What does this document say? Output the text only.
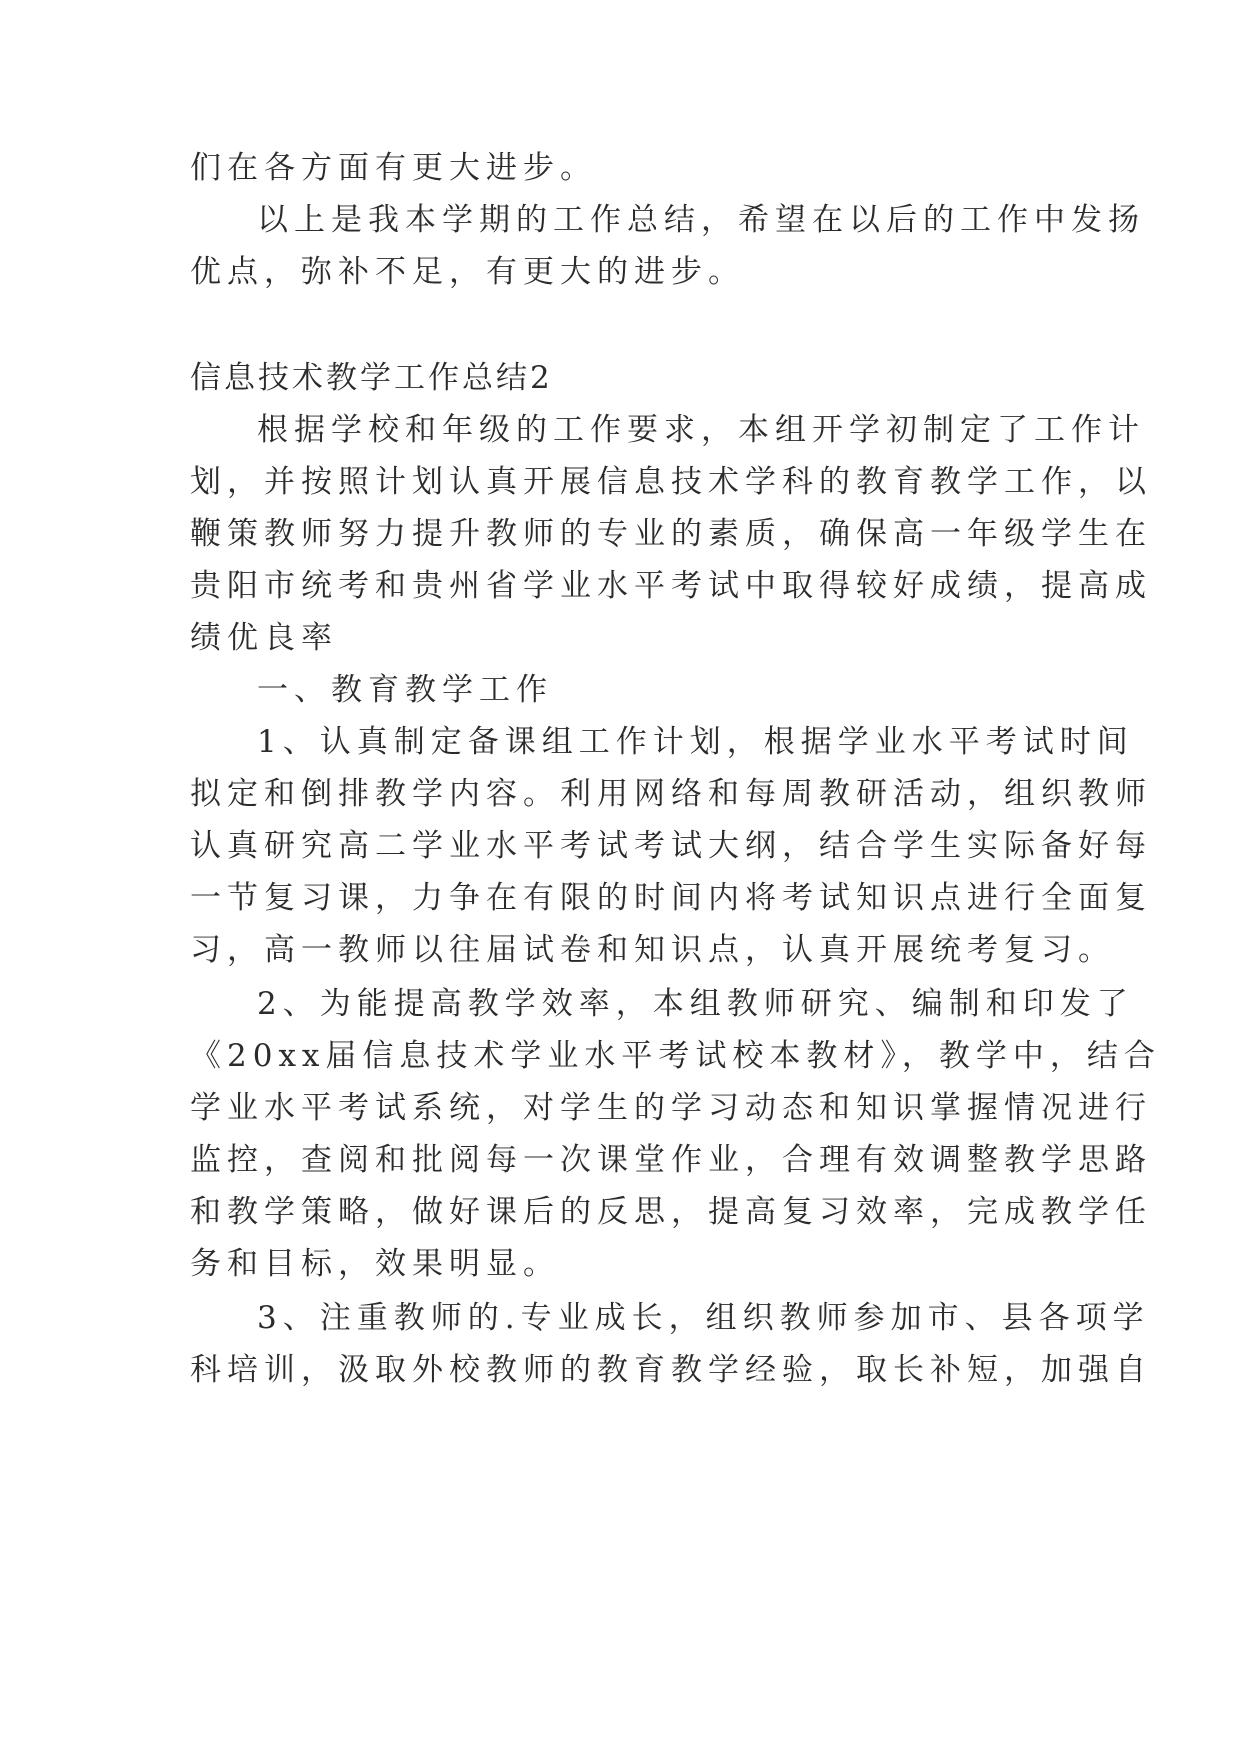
们在各方面有更大进步。
以上是我本学期的工作总结，希望在以后的工作中发扬
优点，弥补不足，有更大的进步。
信息技术教学工作总结2
根据学校和年级的工作要求，本组开学初制定了工作计
划，并按照计划认真开展信息技术学科的教育教学工作，以
鞭策教师努力提升教师的专业的素质，确保高一年级学生在
贵阳市统考和贵州省学业水平考试中取得较好成绩，提高成
绩优良率
一、教育教学工作
1、认真制定备课组工作计划，根据学业水平考试时间
拟定和倒排教学内容。利用网络和每周教研活动，组织教师
认真研究高二学业水平考试考试大纲，结合学生实际备好每
一节复习课，力争在有限的时间内将考试知识点进行全面复
习，高一教师以往届试卷和知识点，认真开展统考复习。
2、为能提高教学效率，本组教师研究、编制和印发了
《20xx届信息技术学业水平考试校本教材》，教学中，结合
学业水平考试系统，对学生的学习动态和知识掌握情况进行
监控，查阅和批阅每一次课堂作业，合理有效调整教学思路
和教学策略，做好课后的反思，提高复习效率，完成教学任
务和目标，效果明显。
3、注重教师的.专业成长，组织教师参加市、县各项学
科培训，汲取外校教师的教育教学经验，取长补短，加强自
